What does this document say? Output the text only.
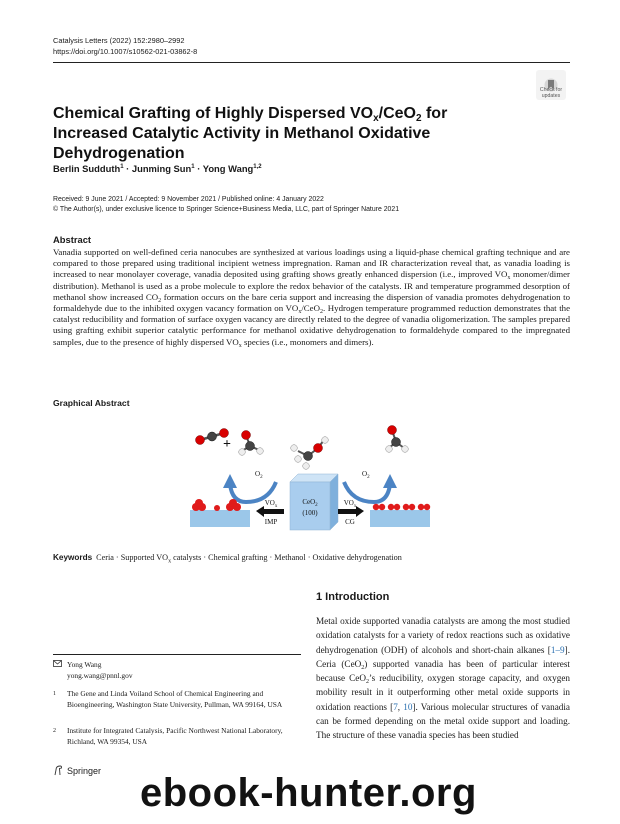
Catalysis Letters (2022) 152:2980–2992
https://doi.org/10.1007/s10562-021-03862-8
Check for
updates
Chemical Grafting of Highly Dispersed $VO_x/CeO_2$ for Increased Catalytic Activity in Methanol Oxidative Dehydrogenation
Berlin Sudduth$^1$ · Junming Sun$^1$ · Yong Wang$^{1,2}$
Received: 9 June 2021 / Accepted: 9 November 2021 / Published online: 4 January 2022
© The Author(s), under exclusive licence to Springer Science+Business Media, LLC, part of Springer Nature 2021
Abstract
Vanadia supported on well-defined ceria nanocubes are synthesized at various loadings using a liquid-phase chemical grafting technique and are compared to those prepared using traditional incipient wetness impregnation. Raman and IR characterization reveal that, as vanadia loading is increased to near monolayer coverage, vanadia deposited using grafting shows greatly enhanced dispersion (i.e., improved $VO_x$ monomer/dimer distribution). Methanol is used as a probe molecule to explore the redox behavior of the catalysts. IR and temperature programmed desorption of methanol show increased $CO_2$ formation occurs on the bare ceria support and increasing the dispersion of vanadia promotes dehydrogenation to formaldehyde due to the inhibited oxygen vacancy formation on $VO_x/CeO_2$. Hydrogen temperature programmed reduction demonstrates that the catalyst reducibility and formation of surface oxygen vacancy are directly related to the degree of vanadia oligomerization. The samples prepared using grafting exhibit superior catalytic performance for methanol oxidative dehydrogenation to formaldehyde compared to the impregnated samples, due to the presence of highly dispersed $VO_x$ species (i.e., monomers and dimers).
Graphical Abstract
+
$O_2$	$O_2$
CeO$_2$
(100)
$VO_x$
IMP
$VO_x$
CG
Keywords Ceria · Supported $VO_x$ catalysts · Chemical grafting · Methanol · Oxidative dehydrogenation
1 Introduction
Metal oxide supported vanadia catalysts are among the most studied oxidation catalysts for a variety of redox reactions such as oxidative dehydrogenation (ODH) of alcohols and short-chain alkanes [1–9]. Ceria (CeO$_2$) supported vanadia has been of particular interest because CeO$_2$’s reducibility, oxygen storage capacity, and oxygen mobility result in it outperforming other metal oxide supports in oxidation reactions [7, 10]. Various molecular structures of vanadia can be formed depending on the metal oxide support and loading. The structure of these vanadia species has been studied
Yong Wang
yong.wang@pnnl.gov
1 The Gene and Linda Voiland School of Chemical Engineering and Bioengineering, Washington State University, Pullman, WA 99164, USA
2 Institute for Integrated Catalysis, Pacific Northwest National Laboratory, Richland, WA 99354, USA
Springer
ebook-hunter.org
